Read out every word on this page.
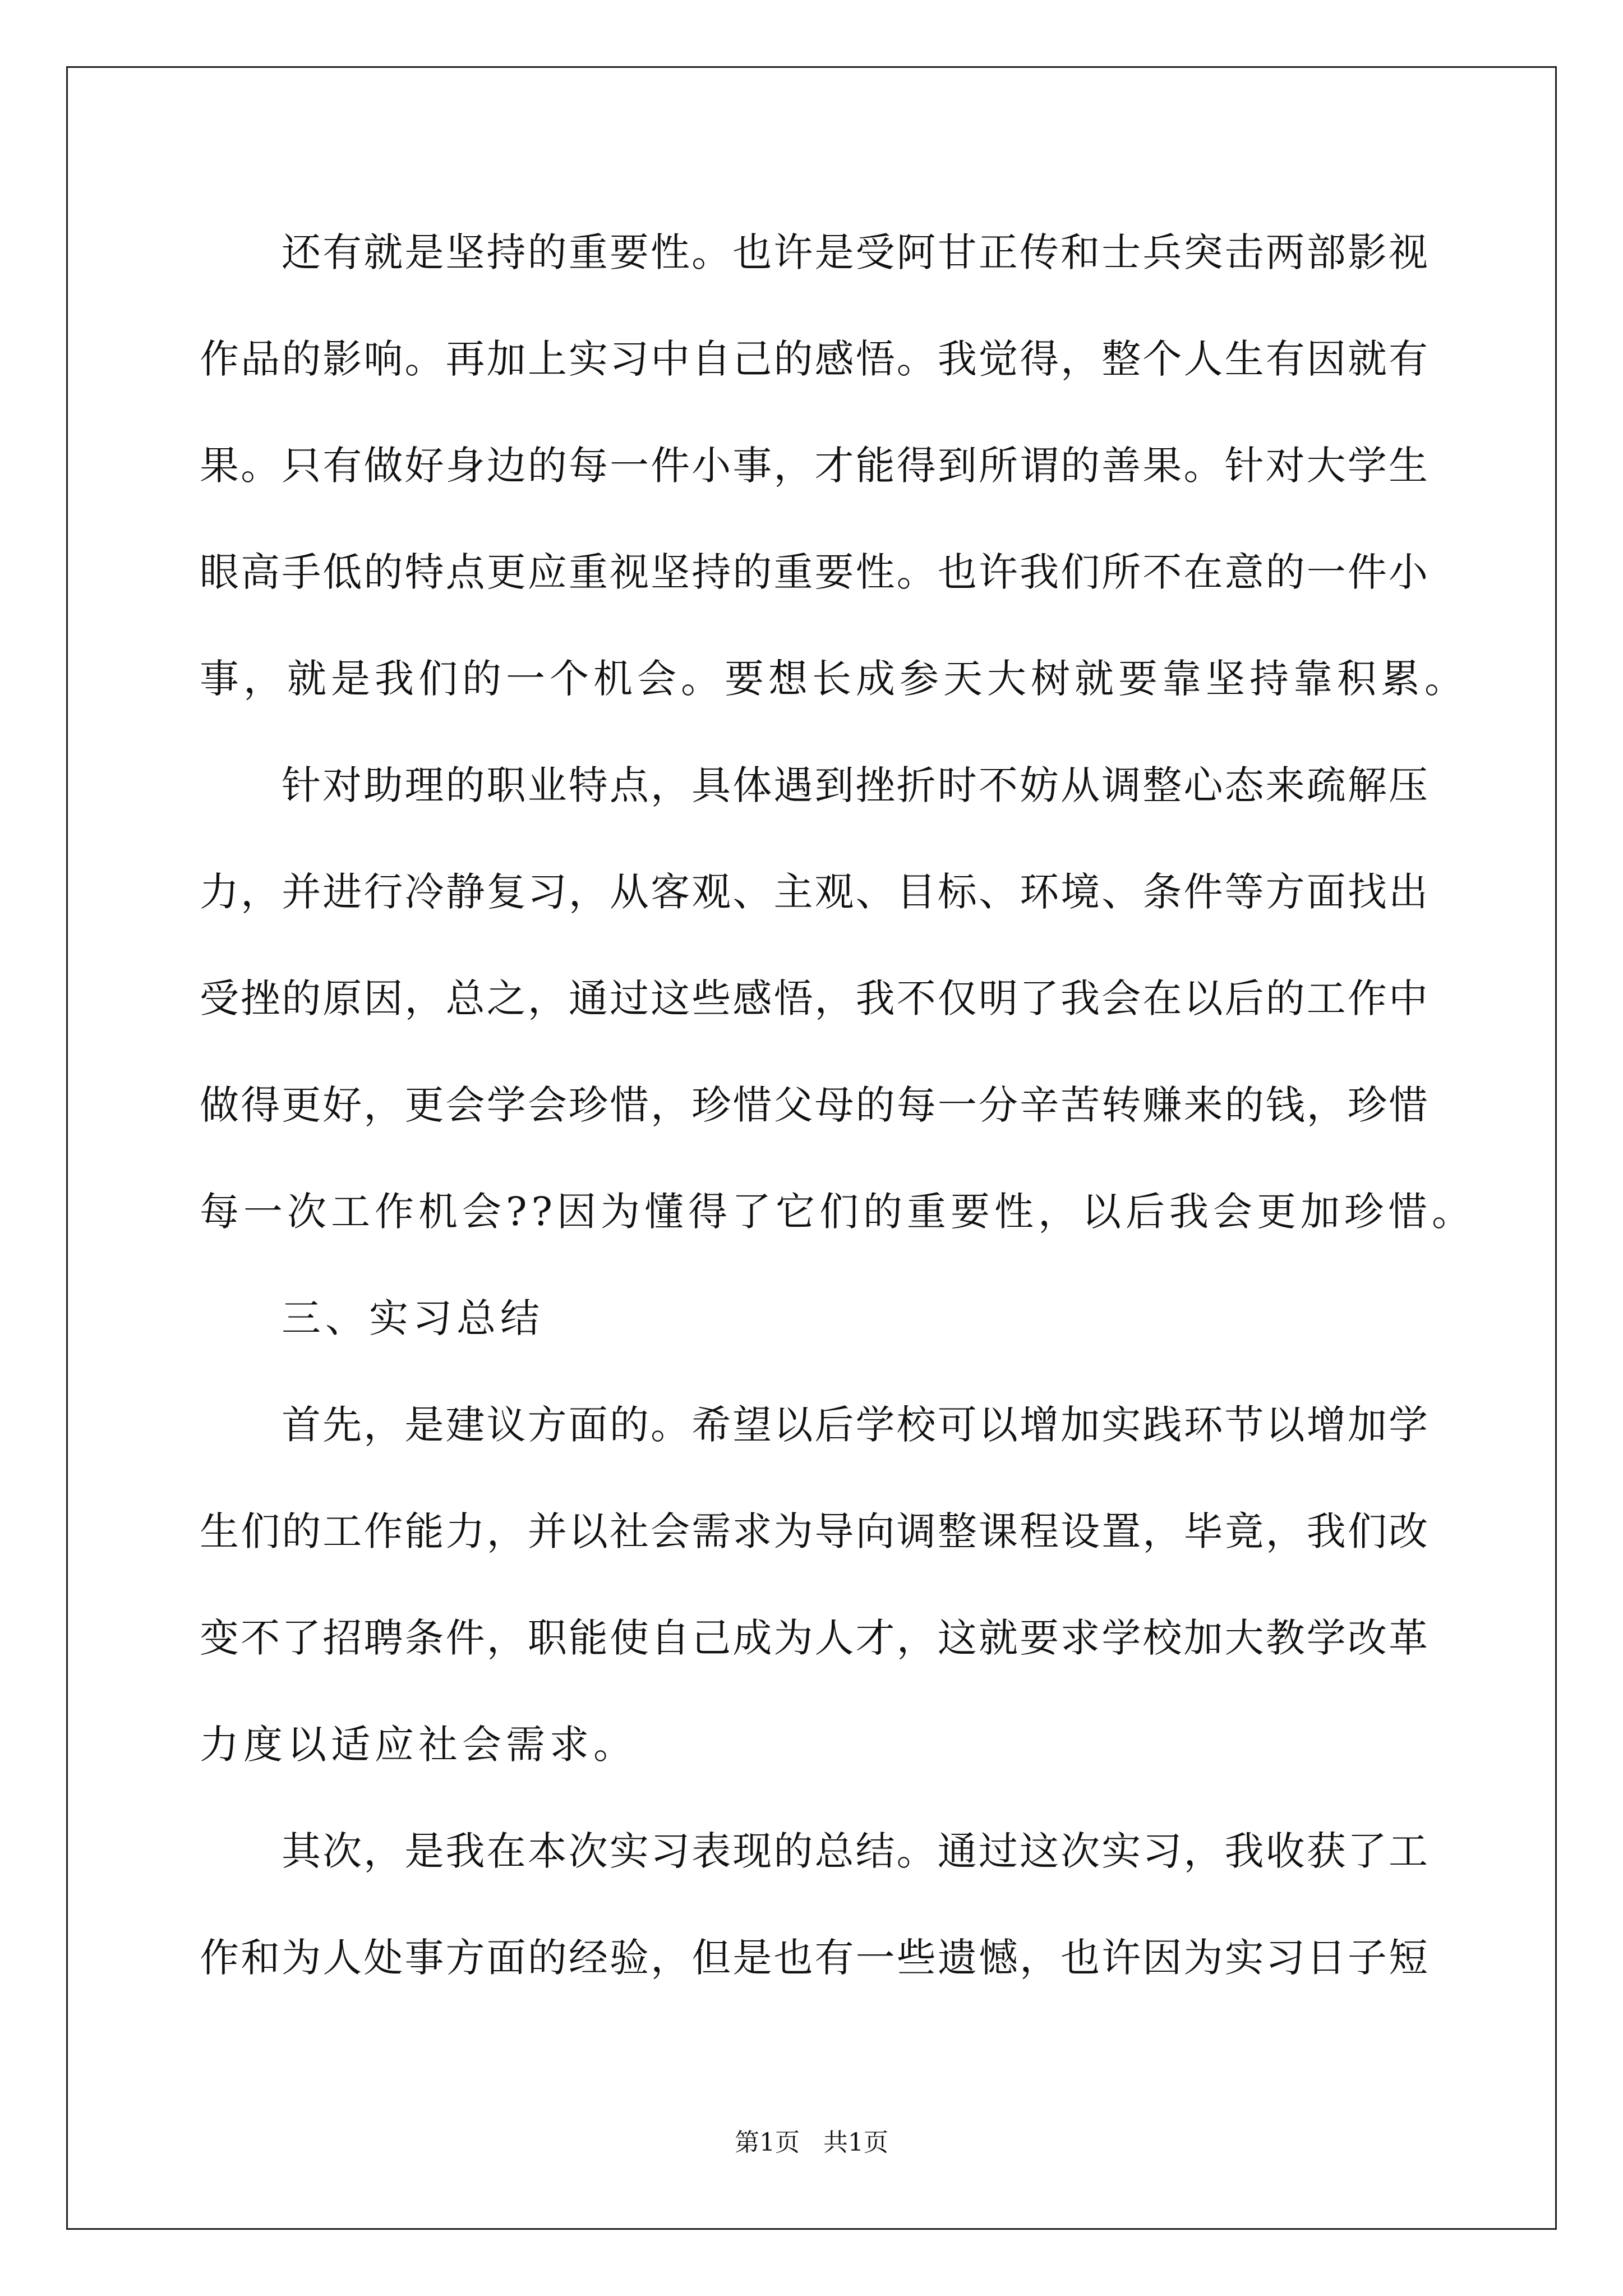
还有就是坚持的重要性。也许是受阿甘正传和士兵突击两部影视
作品的影响。再加上实习中自己的感悟。我觉得，整个人生有因就有
果。只有做好身边的每一件小事，才能得到所谓的善果。针对大学生
眼高手低的特点更应重视坚持的重要性。也许我们所不在意的一件小
事，就是我们的一个机会。要想长成参天大树就要靠坚持靠积累。
针对助理的职业特点，具体遇到挫折时不妨从调整心态来疏解压
力，并进行冷静复习，从客观、主观、目标、环境、条件等方面找出
受挫的原因，总之，通过这些感悟，我不仅明了我会在以后的工作中
做得更好，更会学会珍惜，珍惜父母的每一分辛苦转赚来的钱，珍惜
每一次工作机会??因为懂得了它们的重要性，以后我会更加珍惜。
三、实习总结
首先，是建议方面的。希望以后学校可以增加实践环节以增加学
生们的工作能力，并以社会需求为导向调整课程设置，毕竟，我们改
变不了招聘条件，职能使自己成为人才，这就要求学校加大教学改革
力度以适应社会需求。
其次，是我在本次实习表现的总结。通过这次实习，我收获了工
作和为人处事方面的经验，但是也有一些遗憾，也许因为实习日子短
第1页   共1页
